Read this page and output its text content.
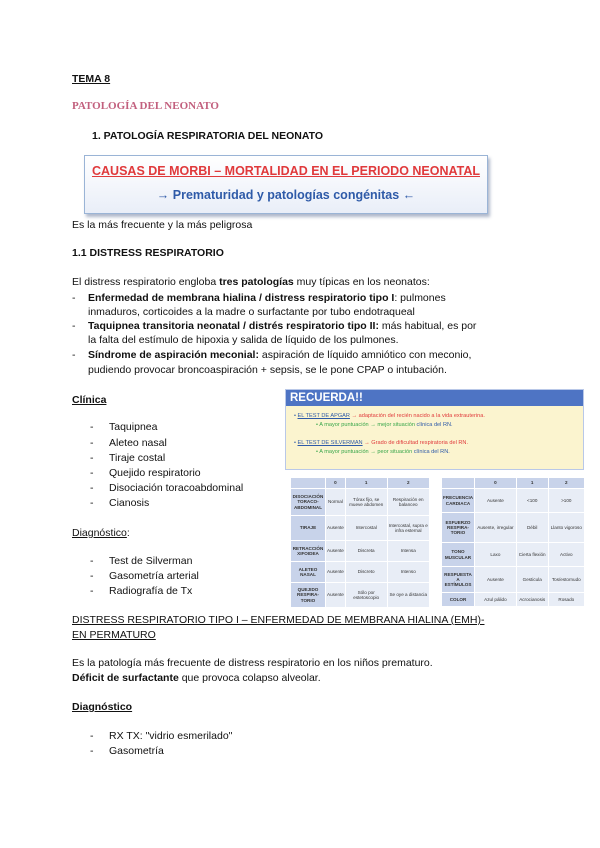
TEMA 8
PATOLOGÍA DEL NEONATO
1. PATOLOGÍA RESPIRATORIA DEL NEONATO
CAUSAS DE MORBI – MORTALIDAD EN EL PERIODO NEONATAL
→ Prematuridad y patologías congénitas ←
Es la más frecuente y la más peligrosa
1.1 DISTRESS RESPIRATORIO
El distress respiratorio engloba tres patologías muy típicas en los neonatos:
- Enfermedad de membrana hialina / distress respiratorio tipo I: pulmones
inmaduros, corticoides a la madre o surfactante por tubo endotraqueal
- Taquipnea transitoria neonatal / distrés respiratorio tipo II: más habitual, es por
la falta del estímulo de hipoxia y salida de líquido de los pulmones.
- Síndrome de aspiración meconial: aspiración de líquido amniótico con meconio,
pudiendo provocar broncoaspiración + sepsis, se le pone CPAP o intubación.
Clínica
- Taquipnea
- Aleteo nasal
- Tiraje costal
- Quejido respiratorio
- Disociación toracoabdominal
- Cianosis
Diagnóstico:
- Test de Silverman
- Gasometría arterial
- Radiografía de Tx
RECUERDA!!
• EL TEST DE APGAR → adaptación del recién nacido a la vida extrauterina.
• A mayor puntuación → mejor situación clínica del RN.
• EL TEST DE SILVERMAN → Grado de dificultad respiratoria del RN.
• A mayor puntuación → peor situación clínica del RN.
	0	1	2
DISOCIACIÓN TORACO-ABDOMINAL	Normal	Tórax fijo, se mueve abdomen	Respiración en balanceo
TIRAJE	Ausente	Intercostal	Intercostal, supra e infra esternal
RETRACCIÓN XIFOIDEA	Ausente	Discreta	Intensa
ALETEO NASAL	Ausente	Discreto	Intenso
QUEJIDO RESPIRA-TORIO	Ausente	Sólo por estetoscopio	Se oye a distancia
	0	1	2
FRECUENCIA CARDIACA	Ausente	<100	>100
ESFUERZO RESPIRA-TORIO	Ausente, irregular	Débil	Llanto vigoroso
TONO MUSCULAR	Laxo	Cierta flexión	Activo
RESPUESTA A ESTÍMULOS	Ausente	Gesticula	Tos/estornudo
COLOR	Azul pálido	Acrocianosis	Rosado
DISTRESS RESPIRATORIO TIPO I – ENFERMEDAD DE MEMBRANA HIALINA (EMH)-
EN PERMATURO
Es la patología más frecuente de distress respiratorio en los niños prematuro.
Déficit de surfactante que provoca colapso alveolar.
Diagnóstico
- RX TX: "vidrio esmerilado"
- Gasometría
